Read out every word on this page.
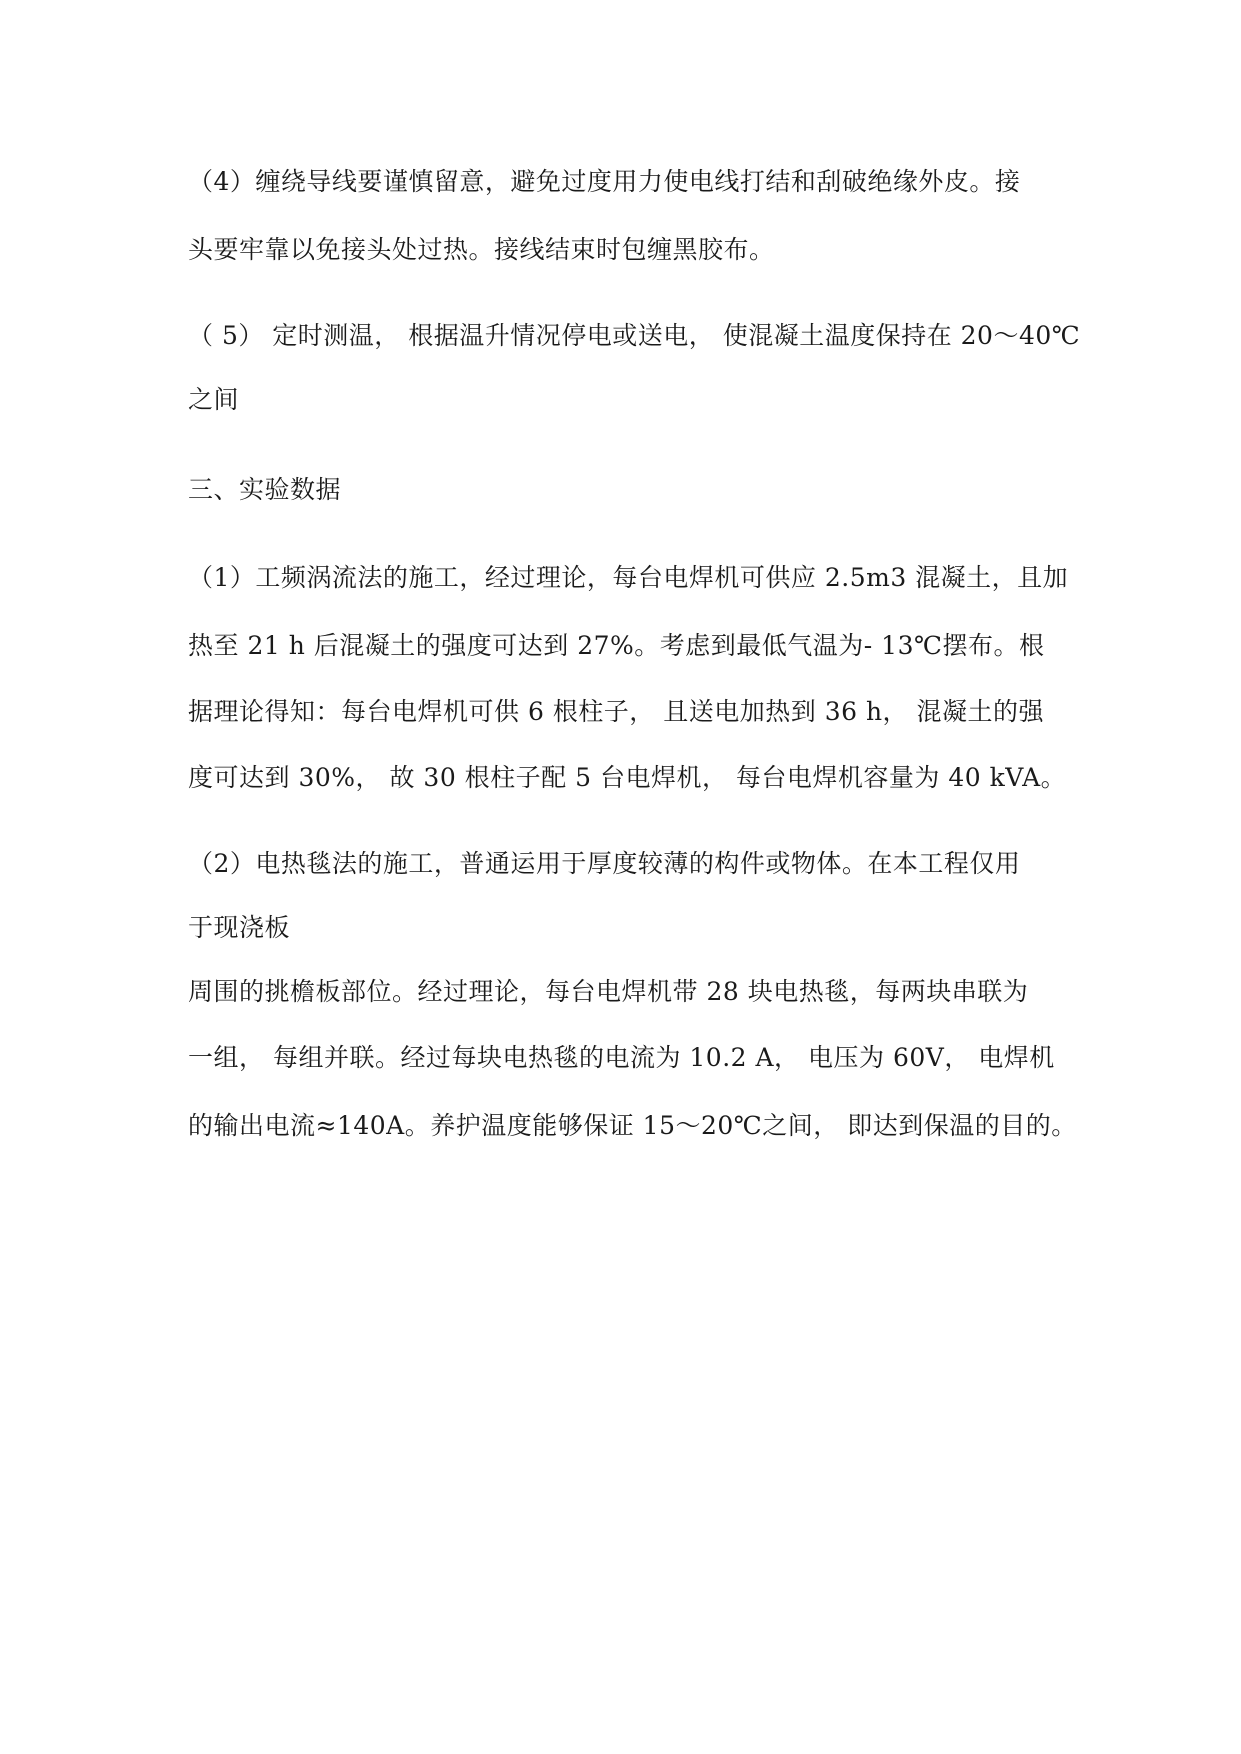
（4）缠绕导线要谨慎留意，避免过度用力使电线打结和刮破绝缘外皮。接
头要牢靠以免接头处过热。接线结束时包缠黑胶布。
（ 5） 定时测温， 根据温升情况停电或送电， 使混凝土温度保持在 20～40℃
之间
三、实验数据
（1）工频涡流法的施工，经过理论，每台电焊机可供应 2.5m3 混凝土，且加
热至 21 h 后混凝土的强度可达到 27%。考虑到最低气温为- 13℃摆布。根
据理论得知：每台电焊机可供 6 根柱子， 且送电加热到 36 h， 混凝土的强
度可达到 30%， 故 30 根柱子配 5 台电焊机， 每台电焊机容量为 40 kVA。
（2）电热毯法的施工，普通运用于厚度较薄的构件或物体。在本工程仅用
于现浇板
周围的挑檐板部位。经过理论，每台电焊机带 28 块电热毯，每两块串联为
一组， 每组并联。经过每块电热毯的电流为 10.2 A， 电压为 60V， 电焊机
的输出电流≈140A。养护温度能够保证 15～20℃之间， 即达到保温的目的。
